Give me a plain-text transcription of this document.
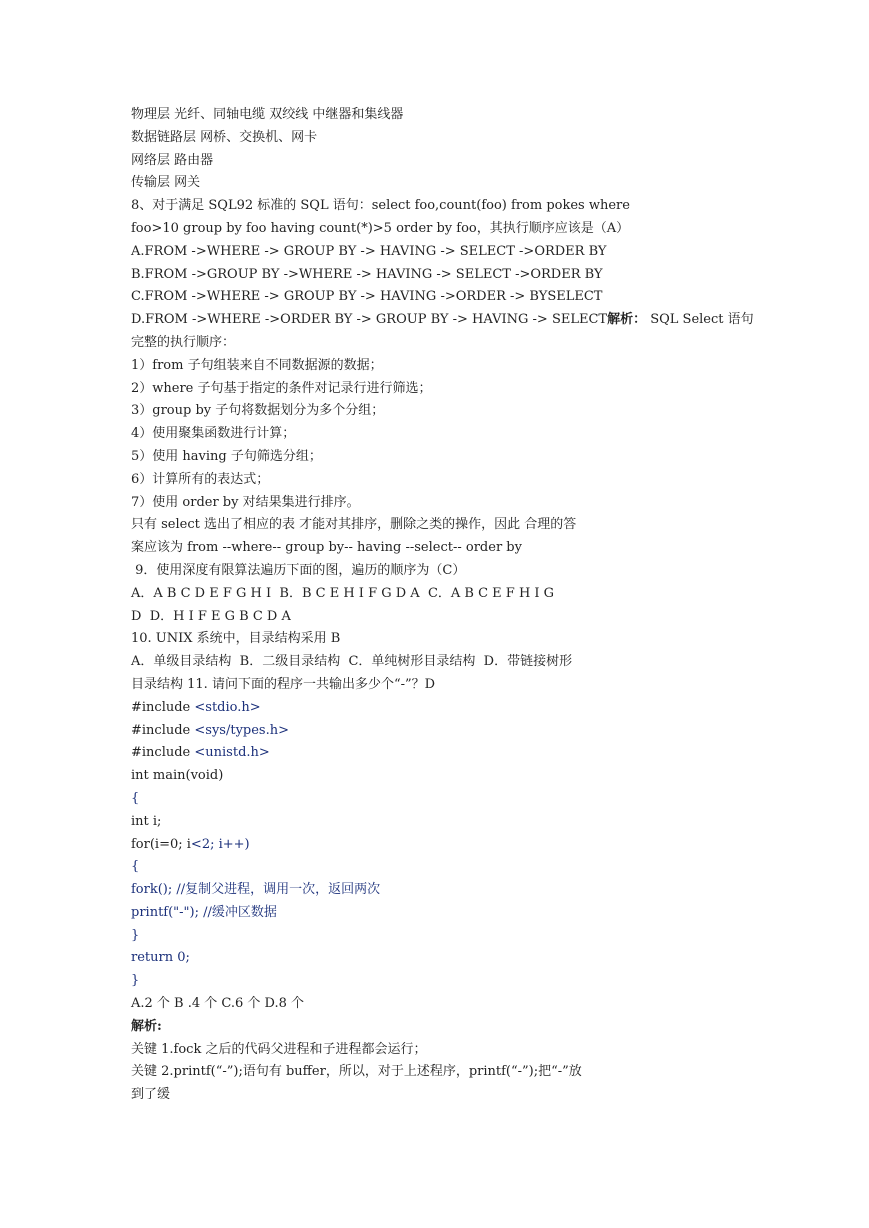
物理层 光纤、同轴电缆 双绞线 中继器和集线器
数据链路层 网桥、交换机、网卡
网络层 路由器
传输层 网关
8、对于满足 SQL92 标准的 SQL 语句：select foo,count(foo) from pokes where
foo>10 group by foo having count(*)>5 order by foo，其执行顺序应该是（A）
A.FROM ->WHERE -> GROUP BY -> HAVING -> SELECT ->ORDER BY
B.FROM ->GROUP BY ->WHERE -> HAVING -> SELECT ->ORDER BY
C.FROM ->WHERE -> GROUP BY -> HAVING ->ORDER -> BYSELECT
D.FROM ->WHERE ->ORDER BY -> GROUP BY -> HAVING -> SELECT解析： SQL Select 语句
完整的执行顺序：
1）from 子句组装来自不同数据源的数据；
2）where 子句基于指定的条件对记录行进行筛选；
3）group by 子句将数据划分为多个分组；
4）使用聚集函数进行计算；
5）使用 having 子句筛选分组；
6）计算所有的表达式；
7）使用 order by 对结果集进行排序。
只有 select 选出了相应的表 才能对其排序，删除之类的操作，因此 合理的答
案应该为 from --where-- group by-- having --select-- order by
9．使用深度有限算法遍历下面的图，遍历的顺序为（C）
A．A B C D E F G H I  B．B C E H I F G D A  C．A B C E F H I G
D  D．H I F E G B C D A
10. UNIX 系统中，目录结构采用 B
A．单级目录结构  B．二级目录结构  C．单纯树形目录结构  D．带链接树形
目录结构 11. 请问下面的程序一共输出多少个“-”？D
#include <stdio.h>
#include <sys/types.h>
#include <unistd.h>
int main(void)
{
int i;
for(i=0; i<2; i++)
{
fork(); //复制父进程，调用一次，返回两次
printf("-"); //缓冲区数据
}
return 0;
}
A.2 个 B .4 个 C.6 个 D.8 个
解析:
关键 1.fock 之后的代码父进程和子进程都会运行；
关键 2.printf(“-”);语句有 buffer，所以，对于上述程序，printf(“-”);把“-”放
到了缓
